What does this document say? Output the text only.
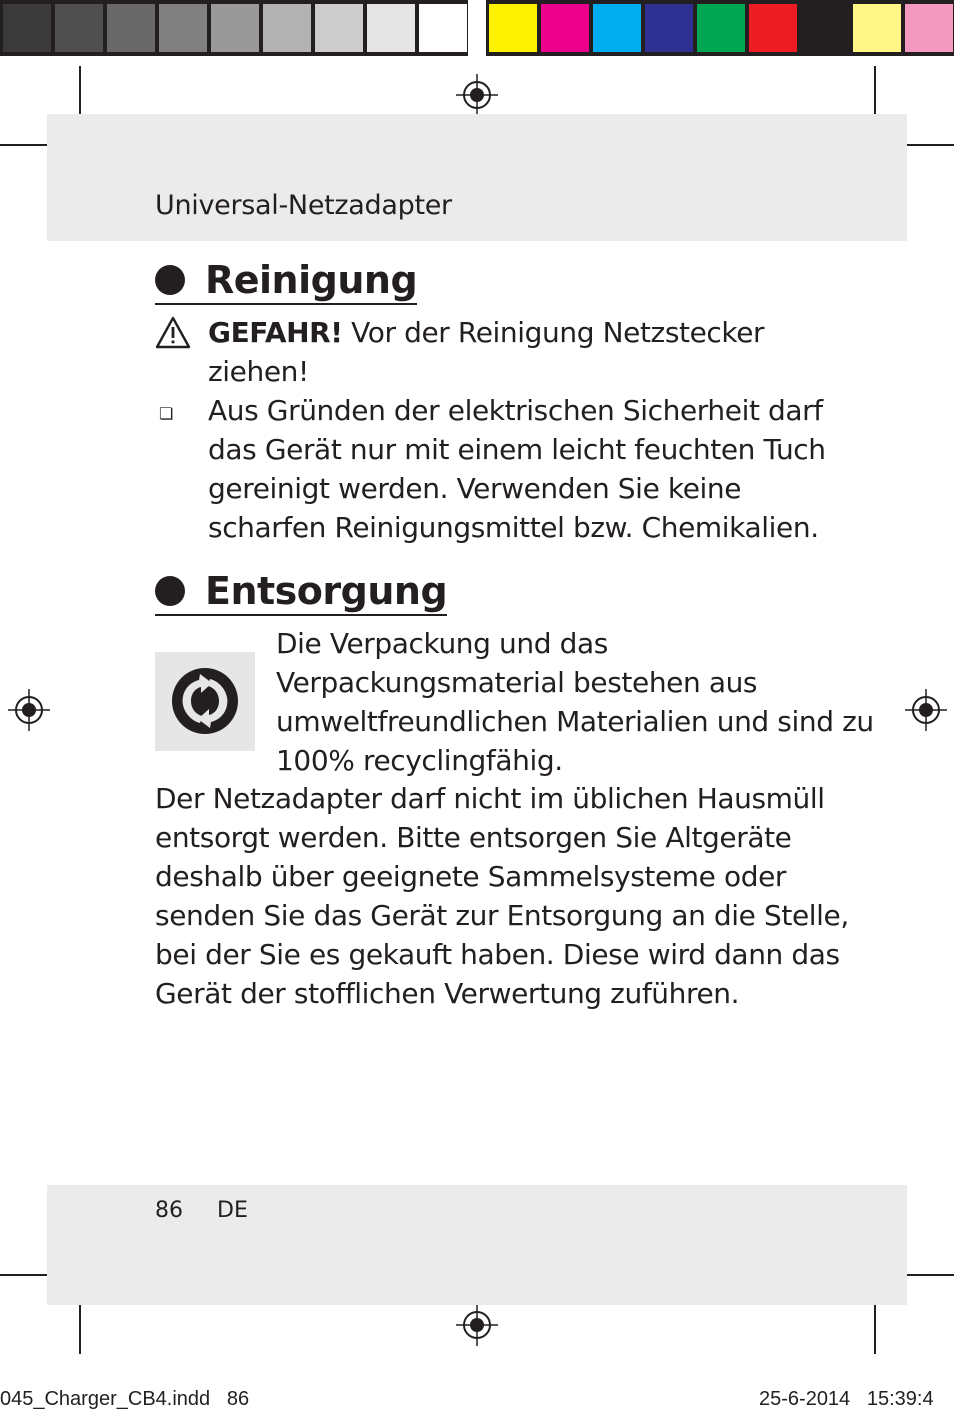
Universal-Netzadapter
Reinigung
GEFAHR! Vor der Reinigung Netzstecker ziehen!
❏ Aus Gründen der elektrischen Sicherheit darf das Gerät nur mit einem leicht feuchten Tuch gereinigt werden. Verwenden Sie keine scharfen Reinigungsmittel bzw. Chemikalien.
Entsorgung
Die Verpackung und das Verpackungsmaterial bestehen aus umweltfreundlichen Materialien und sind zu 100% recyclingfähig.
Der Netzadapter darf nicht im üblichen Hausmüll entsorgt werden. Bitte entsorgen Sie Altgeräte deshalb über geeignete Sammelsysteme oder senden Sie das Gerät zur Entsorgung an die Stelle, bei der Sie es gekauft haben. Diese wird dann das Gerät der stofflichen Verwertung zuführen.
86 DE
045_Charger_CB4.indd   86	25-6-2014   15:39:4
